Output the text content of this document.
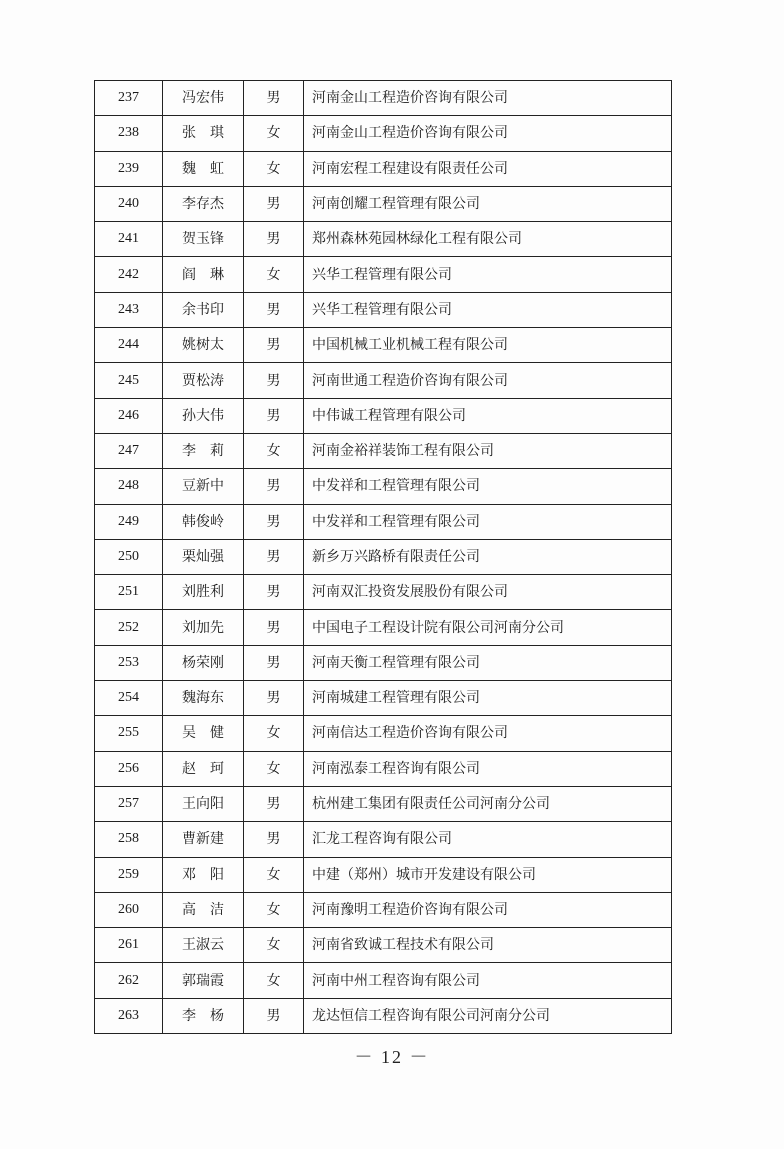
237	冯宏伟	男	河南金山工程造价咨询有限公司
238	张琪	女	河南金山工程造价咨询有限公司
239	魏虹	女	河南宏程工程建设有限责任公司
240	李存杰	男	河南创耀工程管理有限公司
241	贺玉锋	男	郑州森林苑园林绿化工程有限公司
242	阎琳	女	兴华工程管理有限公司
243	余书印	男	兴华工程管理有限公司
244	姚树太	男	中国机械工业机械工程有限公司
245	贾松涛	男	河南世通工程造价咨询有限公司
246	孙大伟	男	中伟诚工程管理有限公司
247	李莉	女	河南金裕祥装饰工程有限公司
248	豆新中	男	中发祥和工程管理有限公司
249	韩俊岭	男	中发祥和工程管理有限公司
250	栗灿强	男	新乡万兴路桥有限责任公司
251	刘胜利	男	河南双汇投资发展股份有限公司
252	刘加先	男	中国电子工程设计院有限公司河南分公司
253	杨荣刚	男	河南天衡工程管理有限公司
254	魏海东	男	河南城建工程管理有限公司
255	吴健	女	河南信达工程造价咨询有限公司
256	赵珂	女	河南泓泰工程咨询有限公司
257	王向阳	男	杭州建工集团有限责任公司河南分公司
258	曹新建	男	汇龙工程咨询有限公司
259	邓阳	女	中建（郑州）城市开发建设有限公司
260	高洁	女	河南豫明工程造价咨询有限公司
261	王淑云	女	河南省致诚工程技术有限公司
262	郭瑞霞	女	河南中州工程咨询有限公司
263	李杨	男	龙达恒信工程咨询有限公司河南分公司
－ 12 －
